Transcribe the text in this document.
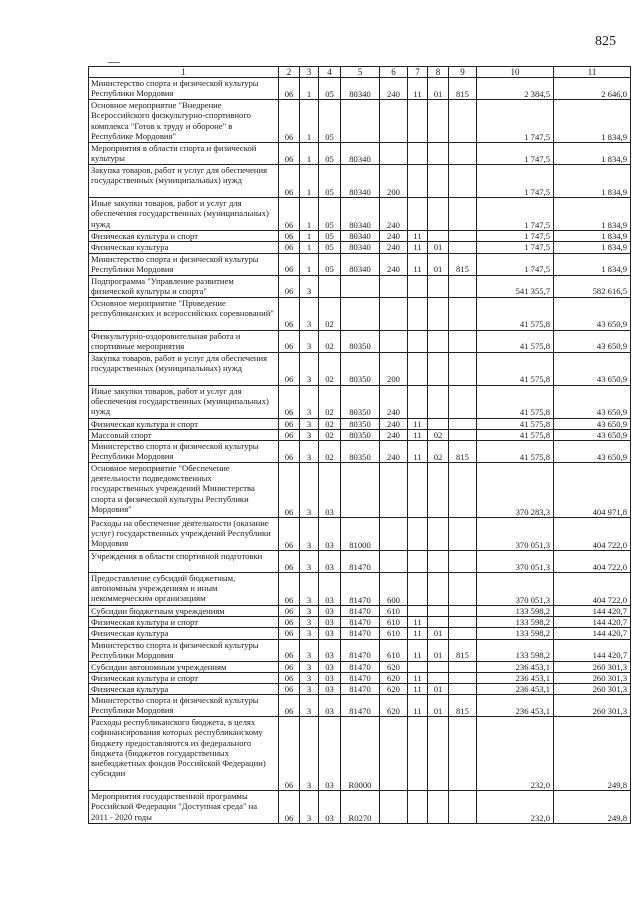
825
1	2	3	4	5	6	7	8	9	10	11
Министерство спорта и физической культуры Республики Мордовия	06	1	05	80340	240	11	01	815	2 384,5	2 646,0
Основное мероприятие "Внедрение Всероссийского физкультурно-спортивного комплекса "Готов к труду и обороне" в Республике Мордовия"	06	1	05						1 747,5	1 834,9
Мероприятия в области спорта и физической культуры	06	1	05	80340					1 747,5	1 834,9
Закупка товаров, работ и услуг для обеспечения государственных (муниципальных) нужд	06	1	05	80340	200				1 747,5	1 834,9
Иные закупки товаров, работ и услуг для обеспечения государственных (муниципальных) нужд	06	1	05	80340	240				1 747,5	1 834,9
Физическая культура и спорт	06	1	05	80340	240	11			1 747,5	1 834,9
Физическая культура	06	1	05	80340	240	11	01		1 747,5	1 834,9
Министерство спорта и физической культуры Республики Мордовия	06	1	05	80340	240	11	01	815	1 747,5	1 834,9
Подпрограмма "Управление развитием физической культуры и спорта"	06	3							541 355,7	582 616,5
Основное мероприятие "Проведение республиканских и всероссийских соревнований"	06	3	02						41 575,8	43 650,9
Физкультурно-оздоровительная работа и спортивные мероприятия	06	3	02	80350					41 575,8	43 650,9
Закупка товаров, работ и услуг для обеспечения государственных (муниципальных) нужд	06	3	02	80350	200				41 575,8	43 650,9
Иные закупки товаров, работ и услуг для обеспечения государственных (муниципальных) нужд	06	3	02	80350	240				41 575,8	43 650,9
Физическая культура и спорт	06	3	02	80350	240	11			41 575,8	43 650,9
Массовый спорт	06	3	02	80350	240	11	02		41 575,8	43 650,9
Министерство спорта и физической культуры Республики Мордовия	06	3	02	80350	240	11	02	815	41 575,8	43 650,9
Основное мероприятие "Обеспечение деятельности подведомственных государственных учреждений Министерства спорта и физической культуры Республики Мордовия"	06	3	03						370 283,3	404 971,8
Расходы на обеспечение деятельности (оказание услуг) государственных учреждений Республики Мордовия	06	3	03	81000					370 051,3	404 722,0
Учреждения в области спортивной подготовки	06	3	03	81470					370 051,3	404 722,0
Предоставление субсидий бюджетным, автономным учреждениям и иным некоммерческим организациям	06	3	03	81470	600				370 051,3	404 722,0
Субсидии бюджетным учреждениям	06	3	03	81470	610				133 598,2	144 420,7
Физическая культура и спорт	06	3	03	81470	610	11			133 598,2	144 420,7
Физическая культура	06	3	03	81470	610	11	01		133 598,2	144 420,7
Министерство спорта и физической культуры Республики Мордовия	06	3	03	81470	610	11	01	815	133 598,2	144 420,7
Субсидии автономным учреждениям	06	3	03	81470	620				236 453,1	260 301,3
Физическая культура и спорт	06	3	03	81470	620	11			236 453,1	260 301,3
Физическая культура	06	3	03	81470	620	11	01		236 453,1	260 301,3
Министерство спорта и физической культуры Республики Мордовия	06	3	03	81470	620	11	01	815	236 453,1	260 301,3
Расходы республиканского бюджета, в целях софинансирования которых республиканскому бюджету предоставляются из федерального бюджета (бюджетов государственных внебюджетных фондов Российской Федерации) субсидии	06	3	03	R0000					232,0	249,8
Мероприятия государственной программы Российской Федерации "Доступная среда" на 2011 - 2020 годы	06	3	03	R0270					232,0	249,8
